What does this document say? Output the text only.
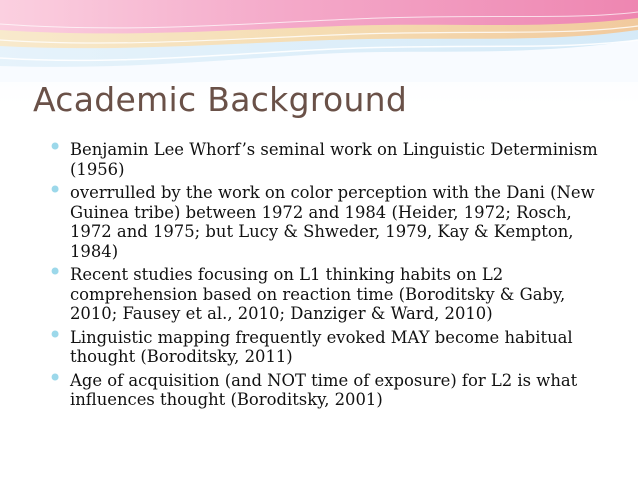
Academic Background
• Benjamin Lee Whorf’s seminal work on Linguistic Determinism (1956)
• overrulled by the work on color perception with the Dani (New Guinea tribe) between 1972 and 1984 (Heider, 1972; Rosch, 1972 and 1975; but Lucy & Shweder, 1979, Kay & Kempton, 1984)
• Recent studies focusing on L1 thinking habits on L2 comprehension based on reaction time (Boroditsky & Gaby, 2010; Fausey et al., 2010; Danziger & Ward, 2010)
• Linguistic mapping frequently evoked MAY become habitual thought (Boroditsky, 2011)
• Age of acquisition (and NOT time of exposure) for L2 is what influences thought (Boroditsky, 2001)
